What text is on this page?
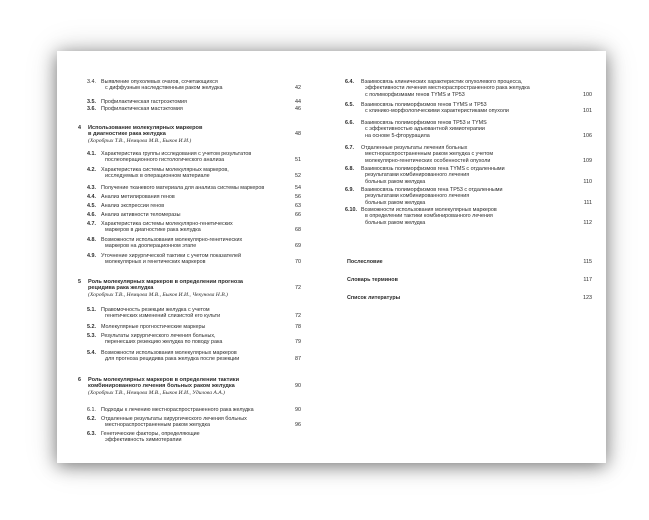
3.4. Выявление опухолевых очагов, сочетающихся
с диффузным наследственным раком желудка	42
3.5. Профилактическая гастроэктомия	44
3.6. Профилактическая мастэктомия	46
4 Использование молекулярных маркеров
в диагностике рака желудка	48
(Хоробрых Т.В., Немцова М.В., Быков И.И.)
4.1. Характеристика группы исследования с учетом результатов
послеоперационного гистологического анализа	51
4.2. Характеристика системы молекулярных маркеров,
исследуемых в операционном материале	52
4.3. Получение тканевого материала для анализа системы маркеров	54
4.4. Анализ метилирования генов	56
4.5. Анализ экспрессии генов	63
4.6. Анализ активности теломеразы	66
4.7. Характеристика системы молекулярно-генетических
маркеров в диагностике рака желудка	68
4.8. Возможности использования молекулярно-генетических
маркеров на дооперационном этапе	69
4.9. Уточнение хирургической тактики с учетом показателей
молекулярных и генетических маркеров	70
5 Роль молекулярных маркеров в определении прогноза
рецидива рака желудка	72
(Хоробрых Т.В., Немцова М.В., Быков И.И., Чекунова Н.В.)
5.1. Правомочность резекции желудка с учетом
генетических изменений слизистой его культи	72
5.2. Молекулярные прогностические маркеры	78
5.3. Результаты хирургического лечения больных,
перенесших резекцию желудка по поводу рака	79
5.4. Возможности использования молекулярных маркеров
для прогноза рецидива рака желудка после резекции	87
6 Роль молекулярных маркеров в определении тактики
комбинированного лечения больных раком желудка	90
(Хоробрых Т.В., Немцова М.В., Быков И.И., Удилова А.А.)
6.1. Подходы к лечению местнораспространенного рака желудка	90
6.2. Отдаленные результаты хирургического лечения больных
местнораспространенным раком желудка	96
6.3. Генетические факторы, определяющие
эффективность химиотерапии
6.4. Взаимосвязь клинических характеристик опухолевого процесса,
эффективности лечения местнораспространенного рака желудка
с полиморфизмами генов TYMS и TP53	100
6.5. Взаимосвязь полиморфизмов генов TYMS и TP53
с клинико-морфологическими характеристиками опухоли	101
6.6. Взаимосвязь полиморфизмов генов TP53 и TYMS
с эффективностью адъювантной химиотерапии
на основе 5-фторурацила	106
6.7. Отдаленные результаты лечения больных
местнораспространенным раком желудка с учетом
молекулярно-генетических особенностей опухоли	109
6.8. Взаимосвязь полиморфизмов гена TYMS с отдаленными
результатами комбинированного лечения
больных раком желудка	110
6.9. Взаимосвязь полиморфизмов гена TP53 с отдаленными
результатами комбинированного лечения
больных раком желудка	111
6.10. Возможности использования молекулярных маркеров
в определении тактики комбинированного лечения
больных раком желудка	112
Послесловие	115
Словарь терминов	117
Список литературы	123
